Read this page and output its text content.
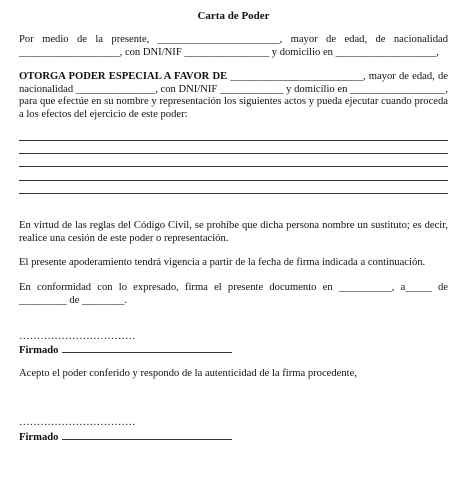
Carta de Poder

Por medio de la presente, _______________________, mayor de edad, de nacionalidad ___________________, con DNI/NIF ________________ y domicilio en ___________________,

OTORGA PODER ESPECIAL A FAVOR DE _________________________, mayor de edad, de nacionalidad _______________, con DNI/NIF ____________ y domicilio en __________________, para que efectúe en su nombre y representación los siguientes actos y pueda ejecutar cuando proceda a los efectos del ejercicio de este poder:

En virtud de las reglas del Código Civil, se prohíbe que dicha persona nombre un sustituto; es decir, realice una cesión de este poder o representación.

El presente apoderamiento tendrá vigencia a partir de la fecha de firma indicada a continuación.

En conformidad con lo expresado, firma el presente documento en __________, a_____ de _________ de ________.

……………………………

Firmado

Acepto el poder conferido y respondo de la autenticidad de la firma procedente,

……………………………

Firmado
